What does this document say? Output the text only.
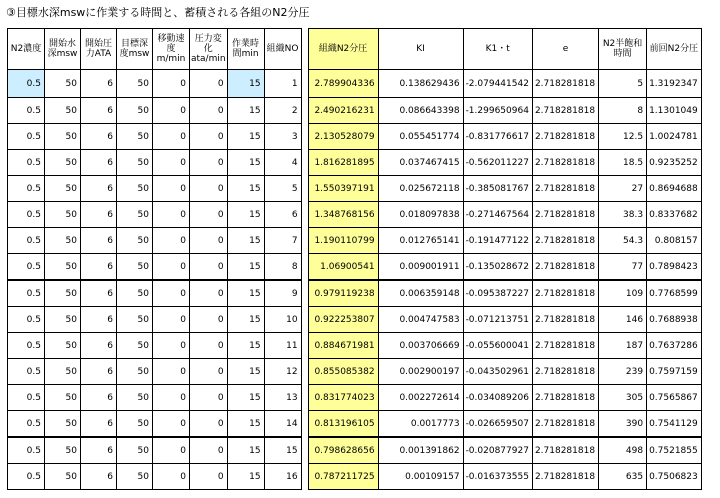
③目標水深mswに作業する時間と、蓄積される各組のN2分圧
N2濃度	開始水深msw	開始圧力ATA	目標深度msw	移動速度m/min	圧力変化ata/min	作業時間min	組織NO		組織N2分圧	KI	K1・t	e	N2半飽和時間	前回N2分圧
0.5	50	6	50	0	0	15	1		2.789904336	0.138629436	-2.079441542	2.718281818	5	1.3192347
0.5	50	6	50	0	0	15	2		2.490216231	0.086643398	-1.299650964	2.718281818	8	1.1301049
0.5	50	6	50	0	0	15	3		2.130528079	0.055451774	-0.831776617	2.718281818	12.5	1.0024781
0.5	50	6	50	0	0	15	4		1.816281895	0.037467415	-0.562011227	2.718281818	18.5	0.9235252
0.5	50	6	50	0	0	15	5		1.550397191	0.025672118	-0.385081767	2.718281818	27	0.8694688
0.5	50	6	50	0	0	15	6		1.348768156	0.018097838	-0.271467564	2.718281818	38.3	0.8337682
0.5	50	6	50	0	0	15	7		1.190110799	0.012765141	-0.191477122	2.718281818	54.3	0.808157
0.5	50	6	50	0	0	15	8		1.06900541	0.009001911	-0.135028672	2.718281818	77	0.7898423
0.5	50	6	50	0	0	15	9		0.979119238	0.006359148	-0.095387227	2.718281818	109	0.7768599
0.5	50	6	50	0	0	15	10		0.922253807	0.004747583	-0.071213751	2.718281818	146	0.7688938
0.5	50	6	50	0	0	15	11		0.884671981	0.003706669	-0.055600041	2.718281818	187	0.7637286
0.5	50	6	50	0	0	15	12		0.855085382	0.002900197	-0.043502961	2.718281818	239	0.7597159
0.5	50	6	50	0	0	15	13		0.831774023	0.002272614	-0.034089206	2.718281818	305	0.7565867
0.5	50	6	50	0	0	15	14		0.813196105	0.0017773	-0.026659507	2.718281818	390	0.7541129
0.5	50	6	50	0	0	15	15		0.798628656	0.001391862	-0.020877927	2.718281818	498	0.7521855
0.5	50	6	50	0	0	15	16		0.787211725	0.00109157	-0.016373555	2.718281818	635	0.7506823
